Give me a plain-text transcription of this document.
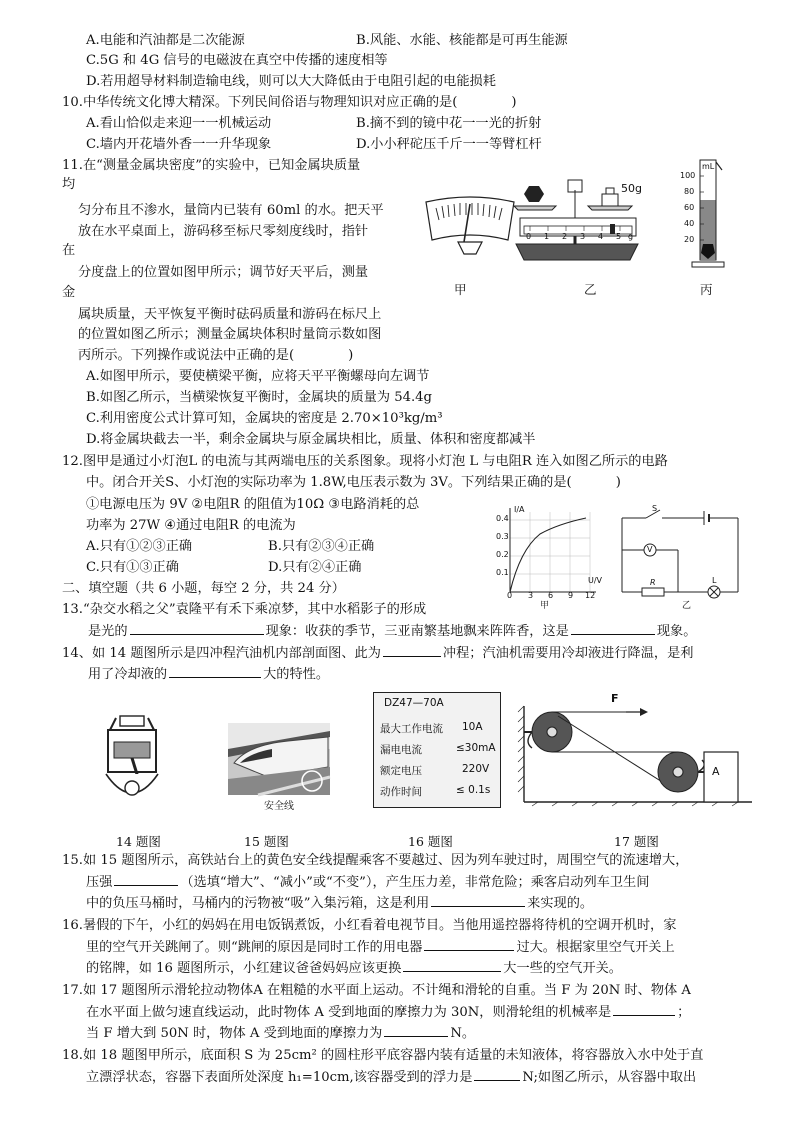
A.电能和汽油都是二次能源	B.风能、水能、核能都是可再生能源
C.5G 和 4G 信号的电磁波在真空中传播的速度相等
D.若用超导材料制造输电线，则可以大大降低由于电阻引起的电能损耗
10.中华传统文化博大精深。下列民间俗语与物理知识对应正确的是(	)
A.看山恰似走来迎一一机械运动	B.摘不到的镜中花一一光的折射
C.墙内开花墙外香一一升华现象	D.小小秤砣压千斤一一等臂杠杆
11.在“测量金属块密度”的实验中，已知金属块质量
均
匀分布且不渗水，量筒内已装有 60ml 的水。把天平
放在水平桌面上，游码移至标尺零刻度线时，指针
在
分度盘上的位置如图甲所示；调节好天平后，测量
金
属块质量，天平恢复平衡时砝码质量和游码在标尺上
的位置如图乙所示；测量金属块体积时量筒示数如图
丙所示。下列操作或说法中正确的是(	)
A.如图甲所示，要使横梁平衡，应将天平平衡螺母向左调节
B.如图乙所示，当横梁恢复平衡时，金属块的质量为 54.4g
C.利用密度公式计算可知，金属块的密度是 2.70×10³kg/m³
D.将金属块截去一半，剩余金属块与原金属块相比，质量、体积和密度都减半
甲
50g
0 1 2 3 4 5 g
乙
mL
100
80
60
40
20
丙
12.图甲是通过小灯泡L 的电流与其两端电压的关系图象。现将小灯泡 L 与电阻R 连入如图乙所示的电路
中。闭合开关S、小灯泡的实际功率为 1.8W,电压表示数为 3V。下列结果正确的是(	)
①电源电压为 9V ②电阻R 的阻值为10Ω ③电路消耗的总
功率为 27W ④通过电阻R 的电流为
A.只有①②③正确	B.只有②③④正确
C.只有①③正确	D.只有②④正确
I/A
U/V
0.4
0.3
0.2
0.1
0 3 6 9 12
甲
S
V
R	L
乙
二、填空题（共 6 小题，每空 2 分，共 24 分）
13.“杂交水稻之父”袁隆平有禾下乘凉梦，其中水稻影子的形成
是光的	现象：收获的季节，三亚南繁基地飘来阵阵香，这是	现象。
14、如 14 题图所示是四冲程汽油机内部剖面图、此为	冲程；汽油机需要用冷却液进行降温，是利
用了冷却液的	大的特性。
安全线
DZ47—70A
最大工作电流 10A
漏电电流	≤30mA
额定电压	220V
动作时间	≤ 0.1s
F
A
14 题图	15 题图	16 题图	17 题图
15.如 15 题图所示，高铁站台上的黄色安全线提醒乘客不要越过、因为列车驶过时，周围空气的流速增大，
压强	（选填“增大”、“减小”或“不变”），产生压力差，非常危险；乘客启动列车卫生间
中的负压马桶时，马桶内的污物被“吸”入集污箱，这是利用	来实现的。
16.暑假的下午，小红的妈妈在用电饭锅煮饭，小红看着电视节目。当他用遥控器将待机的空调开机时，家
里的空气开关跳闸了。则“跳闸的原因是同时工作的用电器	过大。根据家里空气开关上
的铭牌，如 16 题图所示，小红建议爸爸妈妈应该更换	大一些的空气开关。
17.如 17 题图所示滑轮拉动物体A 在粗糙的水平面上运动。不计绳和滑轮的自重。当 F 为 20N 时、物体 A
在水平面上做匀速直线运动，此时物体 A 受到地面的摩擦力为 30N，则滑轮组的机械率是	；
当 F 增大到 50N 时，物体 A 受到地面的摩擦力为	N。
18.如 18 题图甲所示，底面积 S 为 25cm² 的圆柱形平底容器内装有适量的未知液体，将容器放入水中处于直
立漂浮状态，容器下表面所处深度 h₁=10cm,该容器受到的浮力是	N;如图乙所示，从容器中取出
